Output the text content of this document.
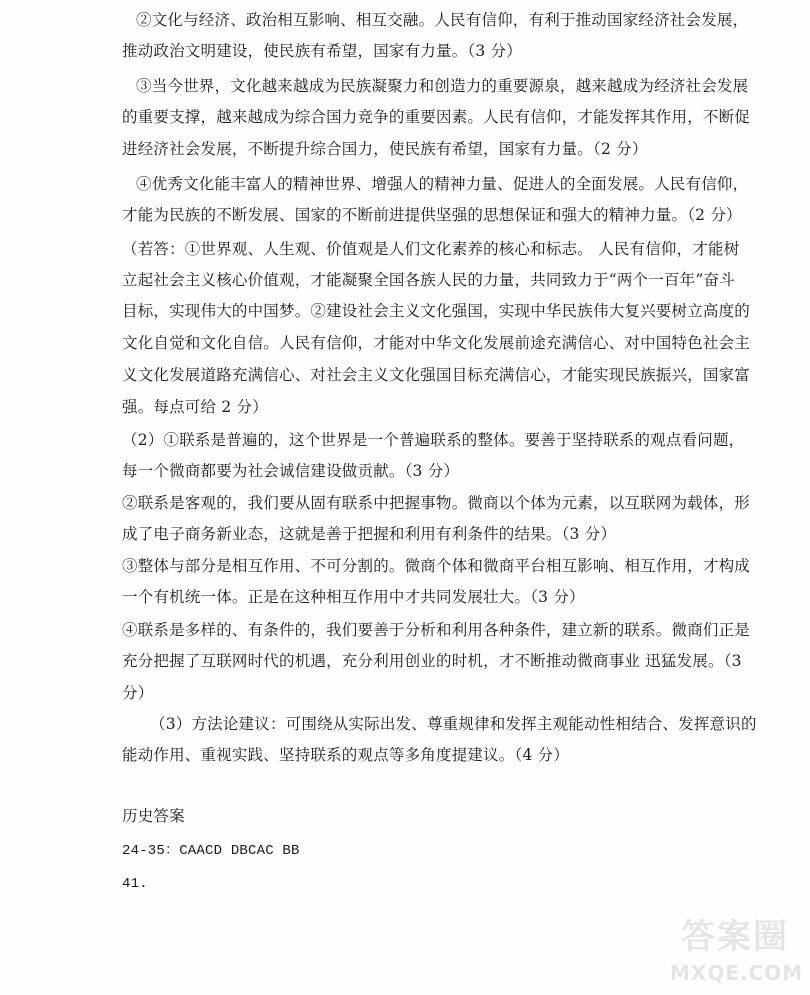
②文化与经济、政治相互影响、相互交融。人民有信仰，有利于推动国家经济社会发展，
推动政治文明建设，使民族有希望，国家有力量。（3 分）
③当今世界，文化越来越成为民族凝聚力和创造力的重要源泉，越来越成为经济社会发展
的重要支撑，越来越成为综合国力竞争的重要因素。人民有信仰，才能发挥其作用，不断促
进经济社会发展，不断提升综合国力，使民族有希望，国家有力量。（2 分）
④优秀文化能丰富人的精神世界、增强人的精神力量、促进人的全面发展。人民有信仰，
才能为民族的不断发展、国家的不断前进提供坚强的思想保证和强大的精神力量。（2 分）
（若答：①世界观、人生观、价值观是人们文化素养的核心和标志。 人民有信仰，才能树
立起社会主义核心价值观，才能凝聚全国各族人民的力量，共同致力于“两个一百年”奋斗
目标，实现伟大的中国梦。②建设社会主义文化强国，实现中华民族伟大复兴要树立高度的
文化自觉和文化自信。人民有信仰，才能对中华文化发展前途充满信心、对中国特色社会主
义文化发展道路充满信心、对社会主义文化强国目标充满信心，才能实现民族振兴，国家富
强。每点可给 2 分）
（2）①联系是普遍的，这个世界是一个普遍联系的整体。要善于坚持联系的观点看问题，
每一个微商都要为社会诚信建设做贡献。（3 分）
②联系是客观的，我们要从固有联系中把握事物。微商以个体为元素，以互联网为载体，形
成了电子商务新业态，这就是善于把握和利用有利条件的结果。（3 分）
③整体与部分是相互作用、不可分割的。微商个体和微商平台相互影响、相互作用，才构成
一个有机统一体。正是在这种相互作用中才共同发展壮大。（3 分）
④联系是多样的、有条件的，我们要善于分析和利用各种条件，建立新的联系。微商们正是
充分把握了互联网时代的机遇，充分利用创业的时机，才不断推动微商事业 迅猛发展。（3
分）
（3）方法论建议：可围绕从实际出发、尊重规律和发挥主观能动性相结合、发挥意识的
能动作用、重视实践、坚持联系的观点等多角度提建议。（4 分）
历史答案
24-35：CAACD DBCAC BB
41.
答案圈
MXQE.COM
